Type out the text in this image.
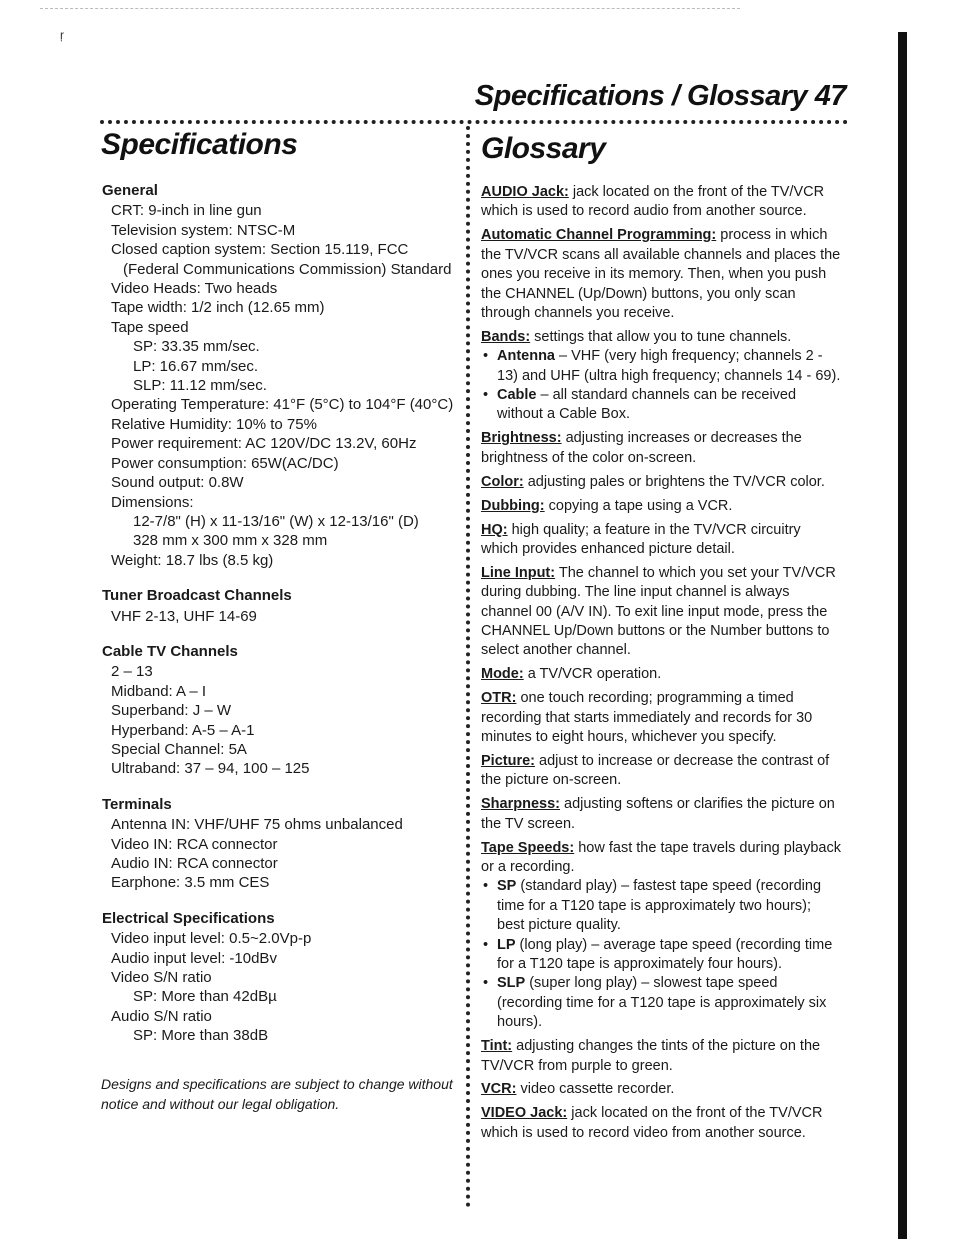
ŗ
Specifications / Glossary 47
Specifications
General
CRT: 9-inch in line gun
Television system: NTSC-M
Closed caption system: Section 15.119, FCC
(Federal Communications Commission) Standard
Video Heads: Two heads
Tape width: 1/2 inch (12.65 mm)
Tape speed
SP: 33.35 mm/sec.
LP: 16.67 mm/sec.
SLP: 11.12 mm/sec.
Operating Temperature: 41°F (5°C) to 104°F (40°C)
Relative Humidity: 10% to 75%
Power requirement: AC 120V/DC 13.2V, 60Hz
Power consumption: 65W(AC/DC)
Sound output: 0.8W
Dimensions:
12-7/8" (H) x 11-13/16" (W) x 12-13/16" (D)
328 mm x 300 mm x 328 mm
Weight: 18.7 lbs (8.5 kg)
Tuner Broadcast Channels
VHF 2-13, UHF 14-69
Cable TV Channels
2 – 13
Midband: A – I
Superband: J – W
Hyperband: A-5 – A-1
Special Channel: 5A
Ultraband: 37 – 94, 100 – 125
Terminals
Antenna IN: VHF/UHF 75 ohms unbalanced
Video IN: RCA connector
Audio IN: RCA connector
Earphone: 3.5 mm CES
Electrical Specifications
Video input level: 0.5~2.0Vp-p
Audio input level: -10dBv
Video S/N ratio
SP: More than 42dBµ
Audio S/N ratio
SP: More than 38dB
Designs and specifications are subject to change without notice and without our legal obligation.
Glossary
AUDIO Jack: jack located on the front of the TV/VCR which is used to record audio from another source.
Automatic Channel Programming: process in which the TV/VCR scans all available channels and places the ones you receive in its memory. Then, when you push the CHANNEL (Up/Down) buttons, you only scan through channels you receive.
Bands: settings that allow you to tune channels.
• Antenna – VHF (very high frequency; channels 2 - 13) and UHF (ultra high frequency; channels 14 - 69).
• Cable – all standard channels can be received without a Cable Box.
Brightness: adjusting increases or decreases the brightness of the color on-screen.
Color: adjusting pales or brightens the TV/VCR color.
Dubbing: copying a tape using a VCR.
HQ: high quality; a feature in the TV/VCR circuitry which provides enhanced picture detail.
Line Input: The channel to which you set your TV/VCR during dubbing. The line input channel is always channel 00 (A/V IN). To exit line input mode, press the CHANNEL Up/Down buttons or the Number buttons to select another channel.
Mode: a TV/VCR operation.
OTR: one touch recording; programming a timed recording that starts immediately and records for 30 minutes to eight hours, whichever you specify.
Picture: adjust to increase or decrease the contrast of the picture on-screen.
Sharpness: adjusting softens or clarifies the picture on the TV screen.
Tape Speeds: how fast the tape travels during playback or a recording.
• SP (standard play) – fastest tape speed (recording time for a T120 tape is approximately two hours); best picture quality.
• LP (long play) – average tape speed (recording time for a T120 tape is approximately four hours).
• SLP (super long play) – slowest tape speed (recording time for a T120 tape is approximately six hours).
Tint: adjusting changes the tints of the picture on the TV/VCR from purple to green.
VCR: video cassette recorder.
VIDEO Jack: jack located on the front of the TV/VCR which is used to record video from another source.
